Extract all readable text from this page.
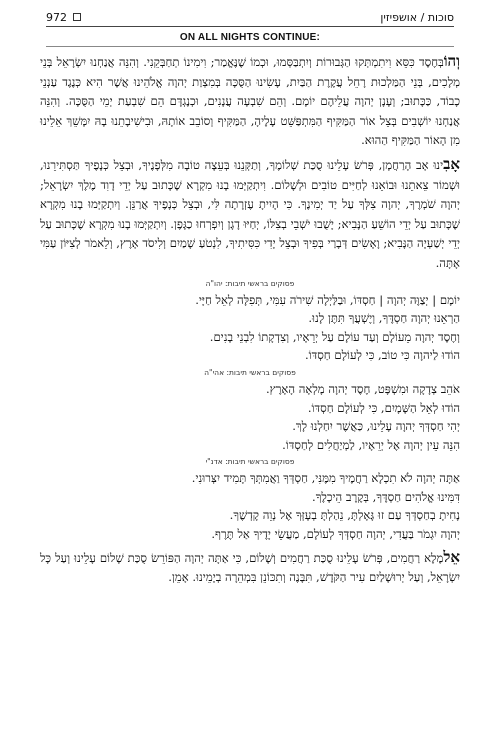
972	סוכות / אושפיזין
ON ALL NIGHTS CONTINUE:

וְהוֹבְּחֶסֶד כִּסֵּא וִיתִמְתְּקוּ הַגְּבוּרוֹת וְיִתְבַּסְּמוּ, וּכְמוֹ שֶׁנֶּאֱמַר; וִימִינוֹ תְחַבְּקֵנִי. וְהִנֵּה אֲנַחְנוּ יִשְׂרָאֵל בְּנֵי מְלָכִים, בְּנֵי הַמַּלְכוּת רָחֵל עֲקֶרֶת הַבַּיִת, עָשִׂינוּ הַסֻּכָּה בְּמִצְוַת יְהוָה אֱלֹהֵינוּ אֲשֶׁר הִיא כְּנֶגֶד עַנְנֵי כָבוֹד, כַּכָּתוּב; וְעָנָן יְהוָה עֲלֵיהֶם יוֹמָם. וְהֵם שִׁבְעָה עֲנָנִים, וּכְנֶגְדָּם הֵם שִׁבְעַת יְמֵי הַסֻּכָּה. וְהִנֵּה אֲנַחְנוּ יוֹשְׁבִים בְּצֵל אוֹר הַמַּקִּיף הַמִּתְפַּשֵּׁט עָלֶיהָ, הַמַּקִּיף וְסוֹבֵב אוֹתָהּ, וּבִישִׁיבָתֵנוּ בָהּ יִמָּשֵׁךְ אֵלֵינוּ מִן הָאוֹר הַמַּקִּיף הַהוּא.

אָבִינוּ אָב הָרַחֲמָן, פְּרֹשׂ עָלֵינוּ סֻכַּת שְׁלוֹמֶךָ, וְתַקְּנֵנוּ בְּעֵצָה טוֹבָה מִלְּפָנֶיךָ, וּבְצֵל כְּנָפֶיךָ תַּסְתִּירֵנוּ, וּשְׁמוֹר צֵאתֵנוּ וּבוֹאֵנוּ לְחַיִּים טוֹבִים וּלְשָׁלוֹם. וִיתְקַיְּמוּ בָנוּ מִקְרָא שֶׁכָּתוּב עַל יְדֵי דָוִד מֶלֶךְ יִשְׂרָאֵל; יְהוָה שֹׁמְרֶךָ, יְהוָה צִלְּךָ עַל יַד יְמִינֶךָ. כִּי הָיִיתָ עֶזְרָתָה לִּי, וּבְצֵל כְּנָפֶיךָ אֲרַנֵּן. וְיִתְקַיְּמוּ בָנוּ מִקְרָא שֶׁכָּתוּב עַל יְדֵי הוֹשֵׁעַ הַנָּבִיא; יָשֻׁבוּ יֹשְׁבֵי בְצִלּוֹ, יְחַיּוּ דָגָן וְיִפְרְחוּ כַגָּפֶן. וְיִתְקַיְּמוּ בָנוּ מִקְרָא שֶׁכָּתוּב עַל יְדֵי יְשַׁעְיָה הַנָּבִיא; וָאָשִׂים דְּבָרַי בְּפִיךָ וּבְצֵל יָדִי כִּסִּיתִיךָ, לִנְטֹעַ שָׁמַיִם וְלִיסֹד אָרֶץ, וְלֵאמֹר לְצִיּוֹן עַמִּי אָתָּה.

פסוקים בראשי תיבות: יהו"ה

יוֹמָם | יְצַוֶּה יְהוָה | חַסְדּוֹ, וּבַלַּיְלָה שִׁירֹה עִמִּי, תְּפִלָּה לְאֵל חַיָּי.

הַרְאֵנוּ יְהוָה חַסְדֶּךָ, וְיֶשְׁעֲךָ תִּתֶּן לָנוּ.

וְחֶסֶד יְהוָה מֵעוֹלָם וְעַד עוֹלָם עַל יְרֵאָיו, וְצִדְקָתוֹ לִבְנֵי בָנִים.

הוֹדוּ לַיהוָה כִּי טוֹב, כִּי לְעוֹלָם חַסְדּוֹ.

פסוקים בראשי תיבות: אהי"ה

אֹהֵב צְדָקָה וּמִשְׁפָּט, חֶסֶד יְהוָה מָלְאָה הָאָרֶץ.

הוֹדוּ לְאֵל הַשָּׁמָיִם, כִּי לְעוֹלָם חַסְדּוֹ.

יְהִי חַסְדְּךָ יְהוָה עָלֵינוּ, כַּאֲשֶׁר יִחַלְנוּ לָךְ.

הִנֵּה עֵין יְהוָה אֶל יְרֵאָיו, לַמְיַחֲלִים לְחַסְדּוֹ.

פסוקים בראשי תיבות: אדנ"י

אַתָּה יְהוָה לֹא תִכְלָא רַחֲמֶיךָ מִמֶּנִּי, חַסְדְּךָ וַאֲמִתְּךָ תָּמִיד יִצְּרוּנִי.

דִּמִּינוּ אֱלֹהִים חַסְדֶּךָ, בְּקֶרֶב הֵיכָלֶךָ.

נָחִיתָ בְחַסְדְּךָ עַם זוּ גָּאָלְתָּ, נֵהַלְתָּ בְעָזְּךָ אֶל נְוֵה קָדְשֶׁךָ.

יְהוָה יִגְמֹר בַּעֲדִי, יְהוָה חַסְדְּךָ לְעוֹלָם, מַעֲשֵׂי יָדֶיךָ אַל תֶּרֶף.

אֵלמֶלֶא רַחֲמִים, פְּרֹשׂ עָלֵינוּ סֻכַּת רַחֲמִים וְשָׁלוֹם, כִּי אַתָּה יְהוָה הַפּוֹרֵשׂ סֻכַּת שָׁלוֹם עָלֵינוּ וְעַל כָּל יִשְׂרָאֵל, וְעַל יְרוּשָׁלַיִם עִיר הַקֹּדֶשׁ, תִּבָּנֶה וְתִכּוֹנֵן בִּמְהֵרָה בְיָמֵינוּ. אָמֵן.
